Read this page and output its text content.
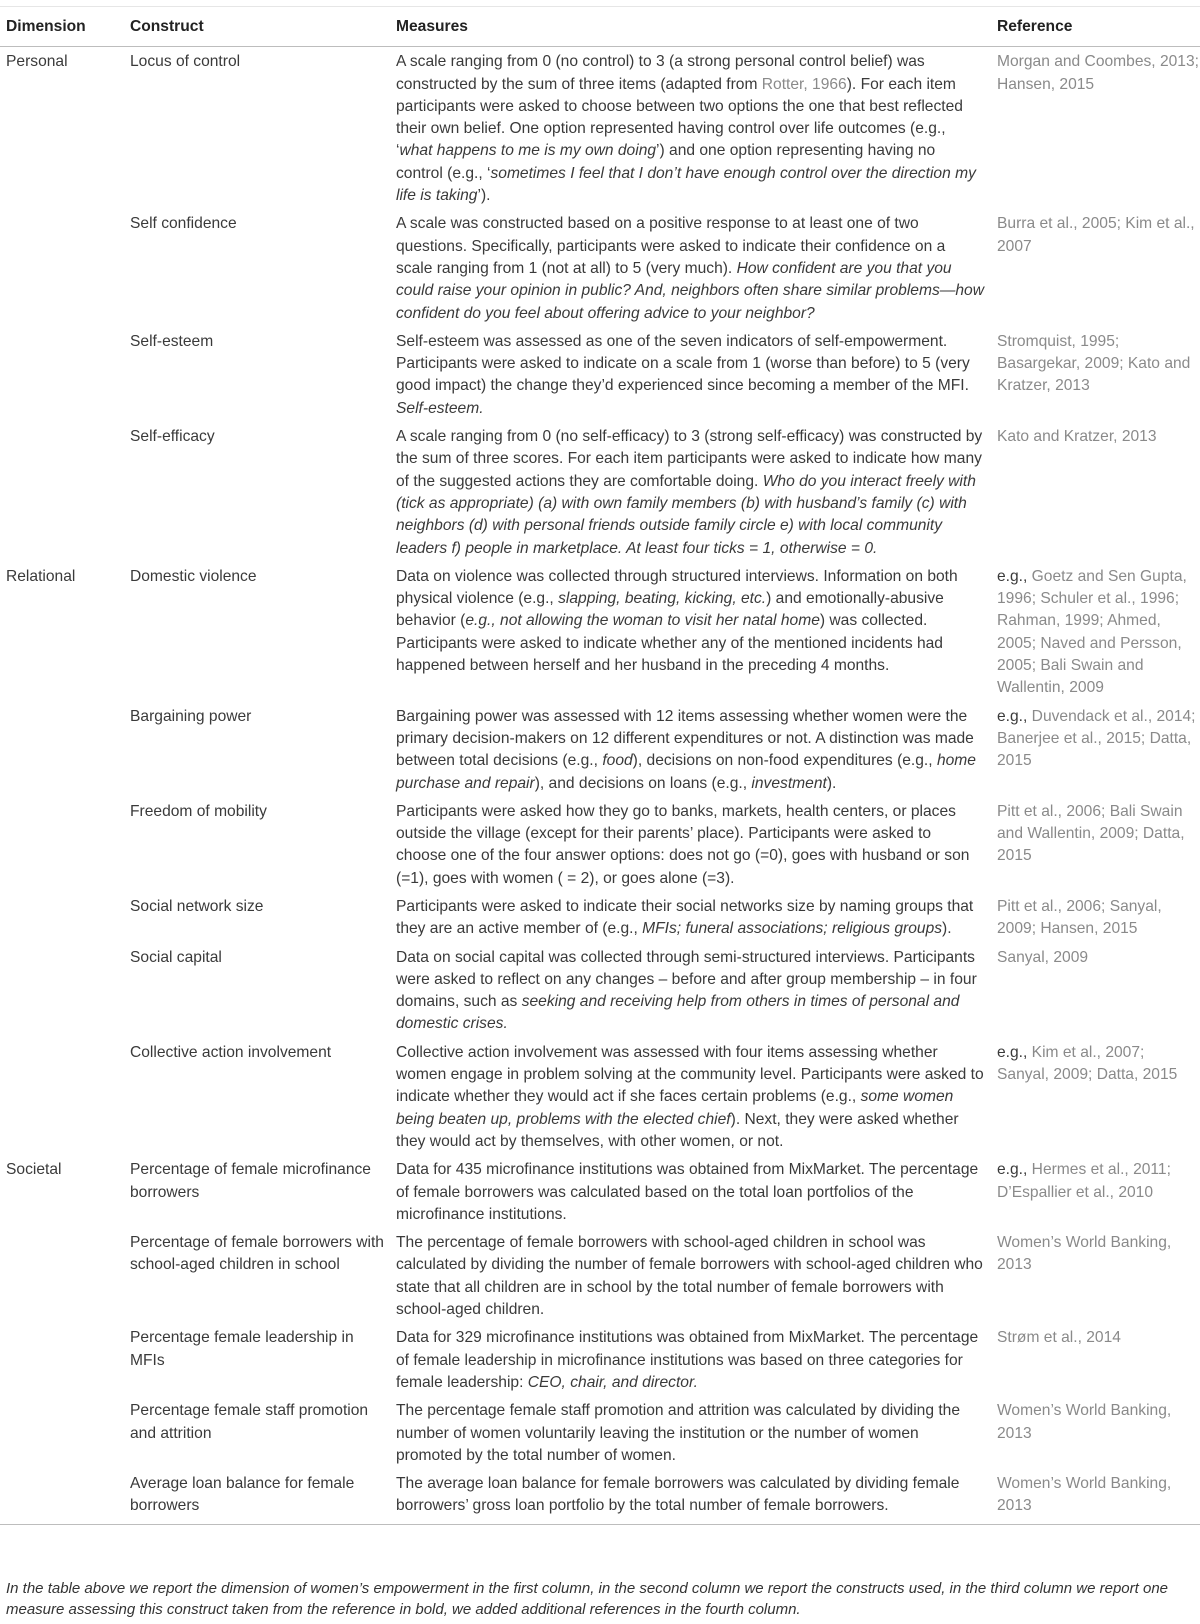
Dimension	Construct	Measures	Reference
Personal	Locus of control	A scale ranging from 0 (no control) to 3 (a strong personal control belief) was constructed by the sum of three items (adapted from Rotter, 1966). For each item participants were asked to choose between two options the one that best reflected their own belief. One option represented having control over life outcomes (e.g., ‘what happens to me is my own doing’) and one option representing having no control (e.g., ‘sometimes I feel that I don’t have enough control over the direction my life is taking’).	Morgan and Coombes, 2013; Hansen, 2015
	Self confidence	A scale was constructed based on a positive response to at least one of two questions. Specifically, participants were asked to indicate their confidence on a scale ranging from 1 (not at all) to 5 (very much). How confident are you that you could raise your opinion in public? And, neighbors often share similar problems—how confident do you feel about offering advice to your neighbor?	Burra et al., 2005; Kim et al., 2007
	Self-esteem	Self-esteem was assessed as one of the seven indicators of self-empowerment. Participants were asked to indicate on a scale from 1 (worse than before) to 5 (very good impact) the change they’d experienced since becoming a member of the MFI. Self-esteem.	Stromquist, 1995; Basargekar, 2009; Kato and Kratzer, 2013
	Self-efficacy	A scale ranging from 0 (no self-efficacy) to 3 (strong self-efficacy) was constructed by the sum of three scores. For each item participants were asked to indicate how many of the suggested actions they are comfortable doing. Who do you interact freely with (tick as appropriate) (a) with own family members (b) with husband’s family (c) with neighbors (d) with personal friends outside family circle e) with local community leaders f) people in marketplace. At least four ticks = 1, otherwise = 0.	Kato and Kratzer, 2013
Relational	Domestic violence	Data on violence was collected through structured interviews. Information on both physical violence (e.g., slapping, beating, kicking, etc.) and emotionally-abusive behavior (e.g., not allowing the woman to visit her natal home) was collected. Participants were asked to indicate whether any of the mentioned incidents had happened between herself and her husband in the preceding 4 months.	e.g., Goetz and Sen Gupta, 1996; Schuler et al., 1996; Rahman, 1999; Ahmed, 2005; Naved and Persson, 2005; Bali Swain and Wallentin, 2009
	Bargaining power	Bargaining power was assessed with 12 items assessing whether women were the primary decision-makers on 12 different expenditures or not. A distinction was made between total decisions (e.g., food), decisions on non-food expenditures (e.g., home purchase and repair), and decisions on loans (e.g., investment).	e.g., Duvendack et al., 2014; Banerjee et al., 2015; Datta, 2015
	Freedom of mobility	Participants were asked how they go to banks, markets, health centers, or places outside the village (except for their parents’ place). Participants were asked to choose one of the four answer options: does not go (=0), goes with husband or son (=1), goes with women ( = 2), or goes alone (=3).	Pitt et al., 2006; Bali Swain and Wallentin, 2009; Datta, 2015
	Social network size	Participants were asked to indicate their social networks size by naming groups that they are an active member of (e.g., MFIs; funeral associations; religious groups).	Pitt et al., 2006; Sanyal, 2009; Hansen, 2015
	Social capital	Data on social capital was collected through semi-structured interviews. Participants were asked to reflect on any changes – before and after group membership – in four domains, such as seeking and receiving help from others in times of personal and domestic crises.	Sanyal, 2009
	Collective action involvement	Collective action involvement was assessed with four items assessing whether women engage in problem solving at the community level. Participants were asked to indicate whether they would act if she faces certain problems (e.g., some women being beaten up, problems with the elected chief). Next, they were asked whether they would act by themselves, with other women, or not.	e.g., Kim et al., 2007; Sanyal, 2009; Datta, 2015
Societal	Percentage of female microfinance borrowers	Data for 435 microfinance institutions was obtained from MixMarket. The percentage of female borrowers was calculated based on the total loan portfolios of the microfinance institutions.	e.g., Hermes et al., 2011; D’Espallier et al., 2010
	Percentage of female borrowers with school-aged children in school	The percentage of female borrowers with school-aged children in school was calculated by dividing the number of female borrowers with school-aged children who state that all children are in school by the total number of female borrowers with school-aged children.	Women’s World Banking, 2013
	Percentage female leadership in MFIs	Data for 329 microfinance institutions was obtained from MixMarket. The percentage of female leadership in microfinance institutions was based on three categories for female leadership: CEO, chair, and director.	Strøm et al., 2014
	Percentage female staff promotion and attrition	The percentage female staff promotion and attrition was calculated by dividing the number of women voluntarily leaving the institution or the number of women promoted by the total number of women.	Women’s World Banking, 2013
	Average loan balance for female borrowers	The average loan balance for female borrowers was calculated by dividing female borrowers’ gross loan portfolio by the total number of female borrowers.	Women’s World Banking, 2013
In the table above we report the dimension of women’s empowerment in the first column, in the second column we report the constructs used, in the third column we report one measure assessing this construct taken from the reference in bold, we added additional references in the fourth column.
